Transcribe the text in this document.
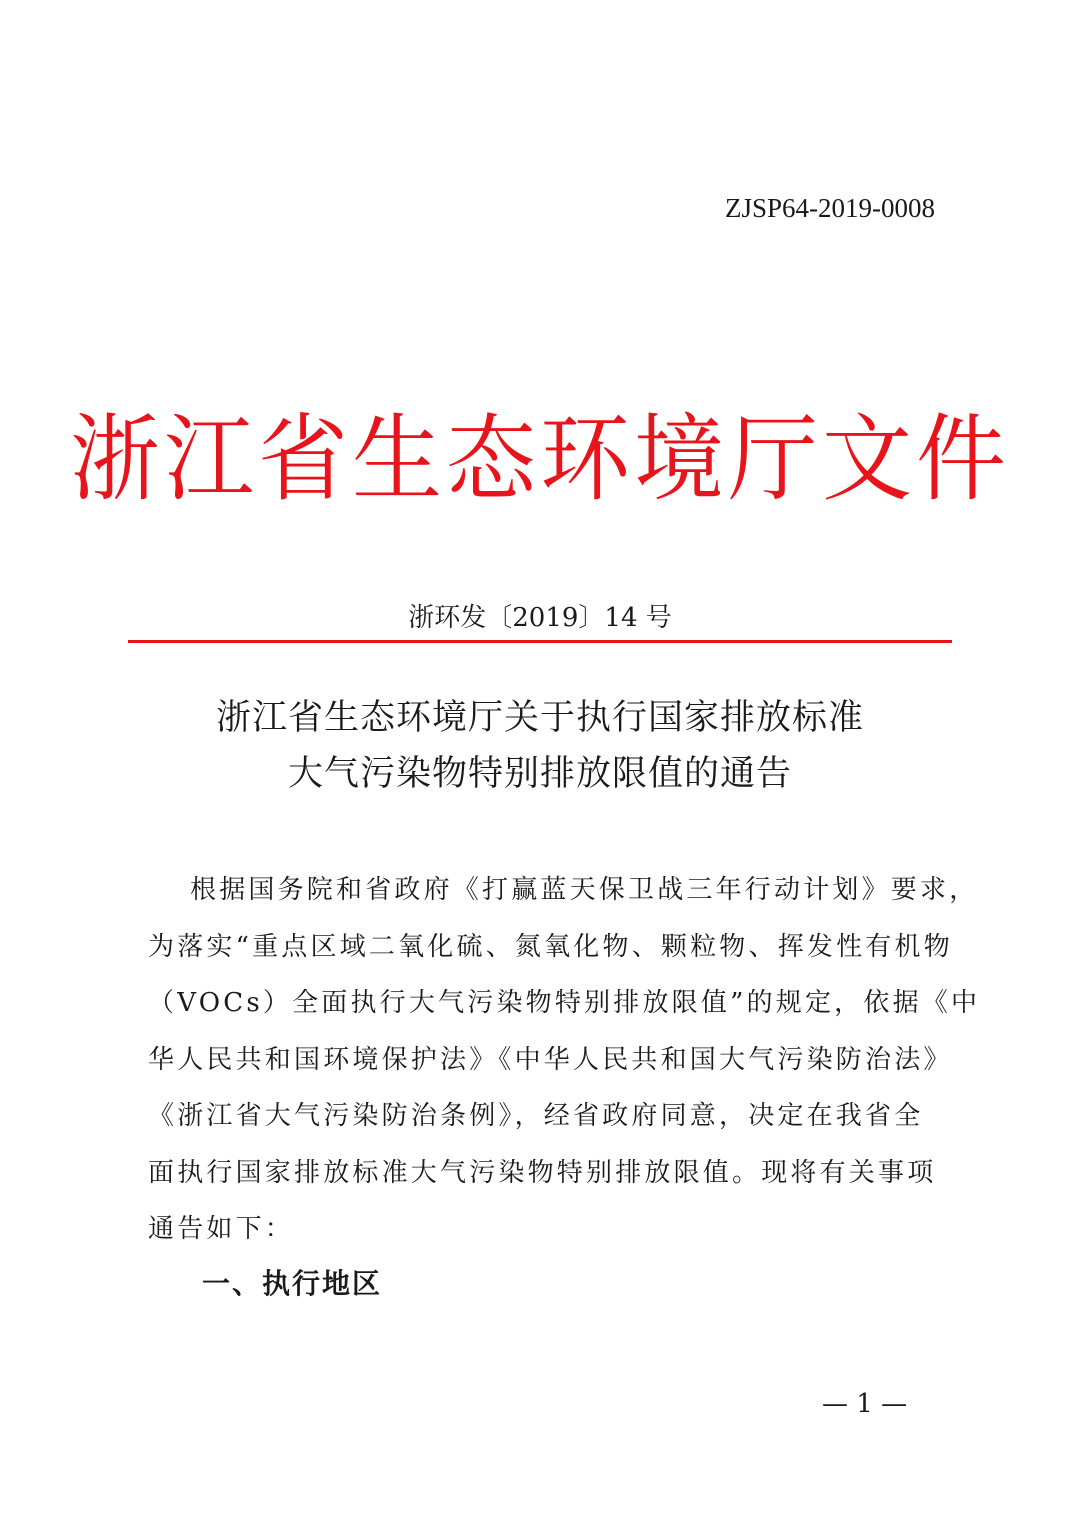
ZJSP64-2019-0008
浙江省生态环境厅文件
浙环发〔2019〕14 号
浙江省生态环境厅关于执行国家排放标准
大气污染物特别排放限值的通告
根据国务院和省政府《打赢蓝天保卫战三年行动计划》要求，
为落实“重点区域二氧化硫、氮氧化物、颗粒物、挥发性有机物
（VOCs）全面执行大气污染物特别排放限值”的规定，依据《中
华人民共和国环境保护法》《中华人民共和国大气污染防治法》
《浙江省大气污染防治条例》，经省政府同意，决定在我省全
面执行国家排放标准大气污染物特别排放限值。现将有关事项
通告如下：
一、执行地区
— 1 —
